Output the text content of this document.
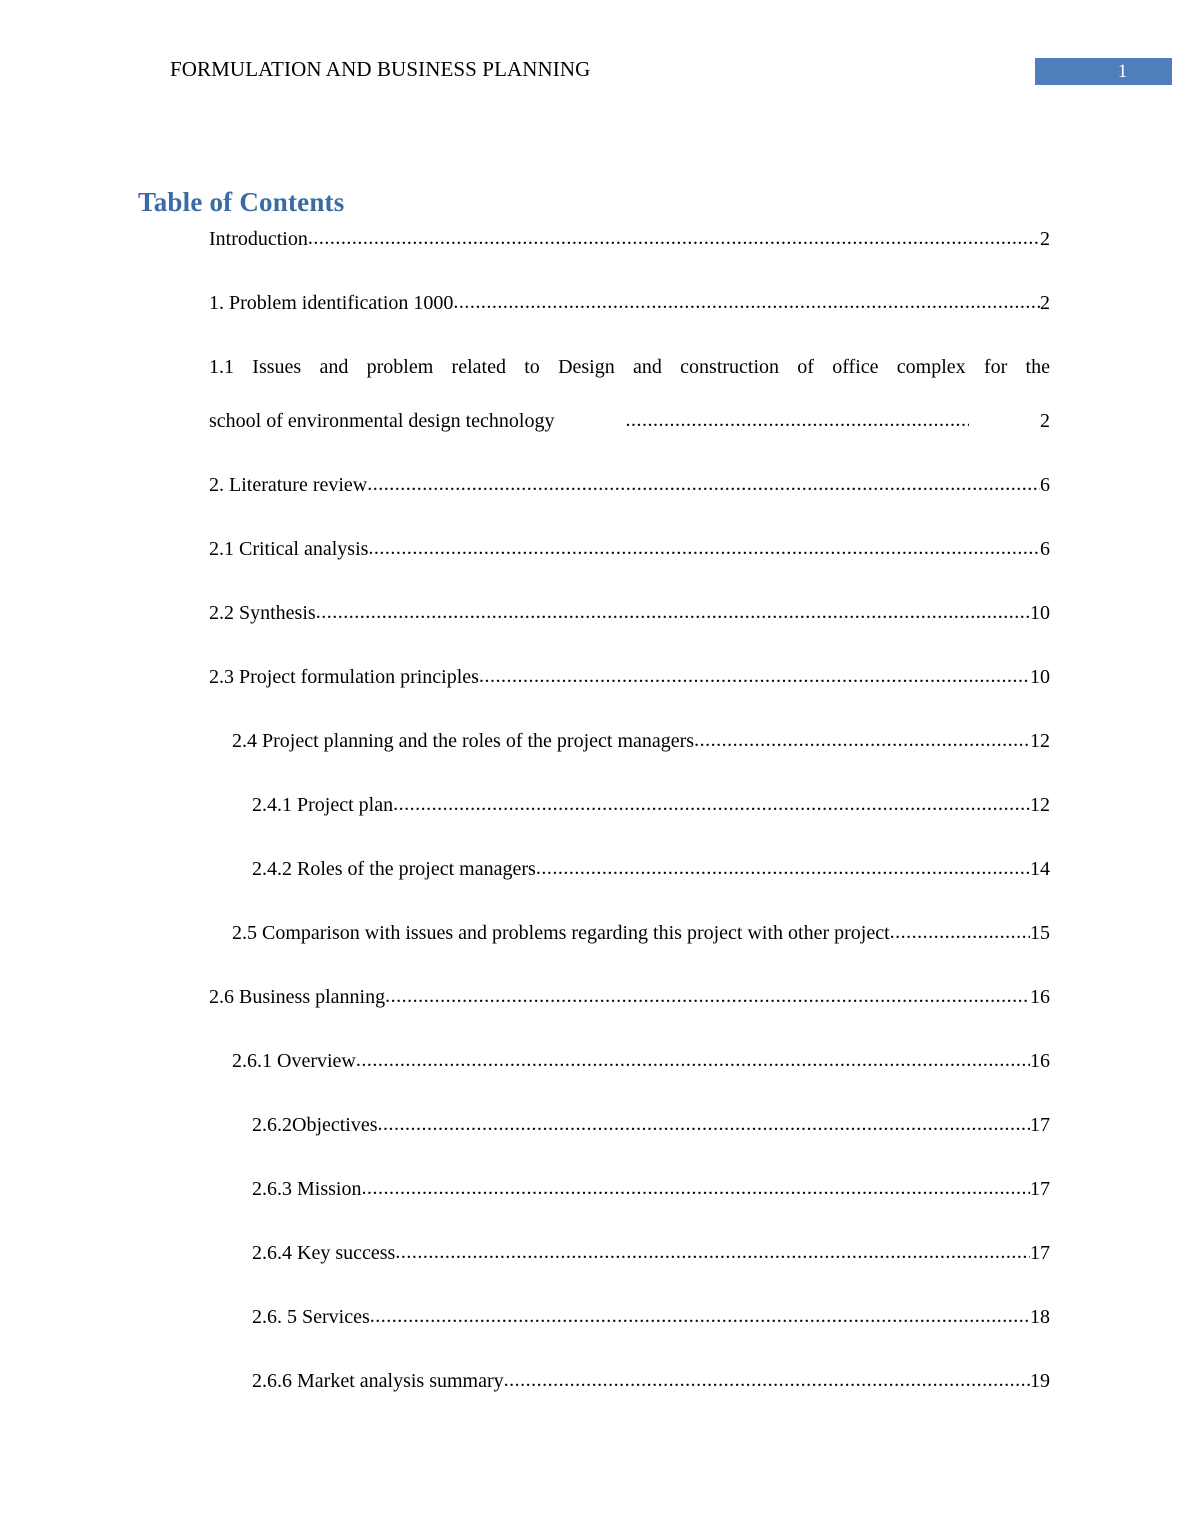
FORMULATION AND BUSINESS PLANNING	1
Table of Contents
Introduction .....	2
1. Problem identification 1000 .....	2
1.1 Issues and problem related to Design and construction of office complex for the
school of environmental design technology .....	2
2. Literature review .....	6
2.1 Critical analysis .....	6
2.2 Synthesis .....	10
2.3 Project formulation principles .....	10
2.4 Project planning and the roles of the project managers .....	12
2.4.1 Project plan .....	12
2.4.2 Roles of the project managers .....	14
2.5 Comparison with issues and problems regarding this project with other project .....	15
2.6 Business planning .....	16
2.6.1 Overview .....	16
2.6.2Objectives .....	17
2.6.3 Mission .....	17
2.6.4 Key success .....	17
2.6. 5 Services .....	18
2.6.6 Market analysis summary .....	19
